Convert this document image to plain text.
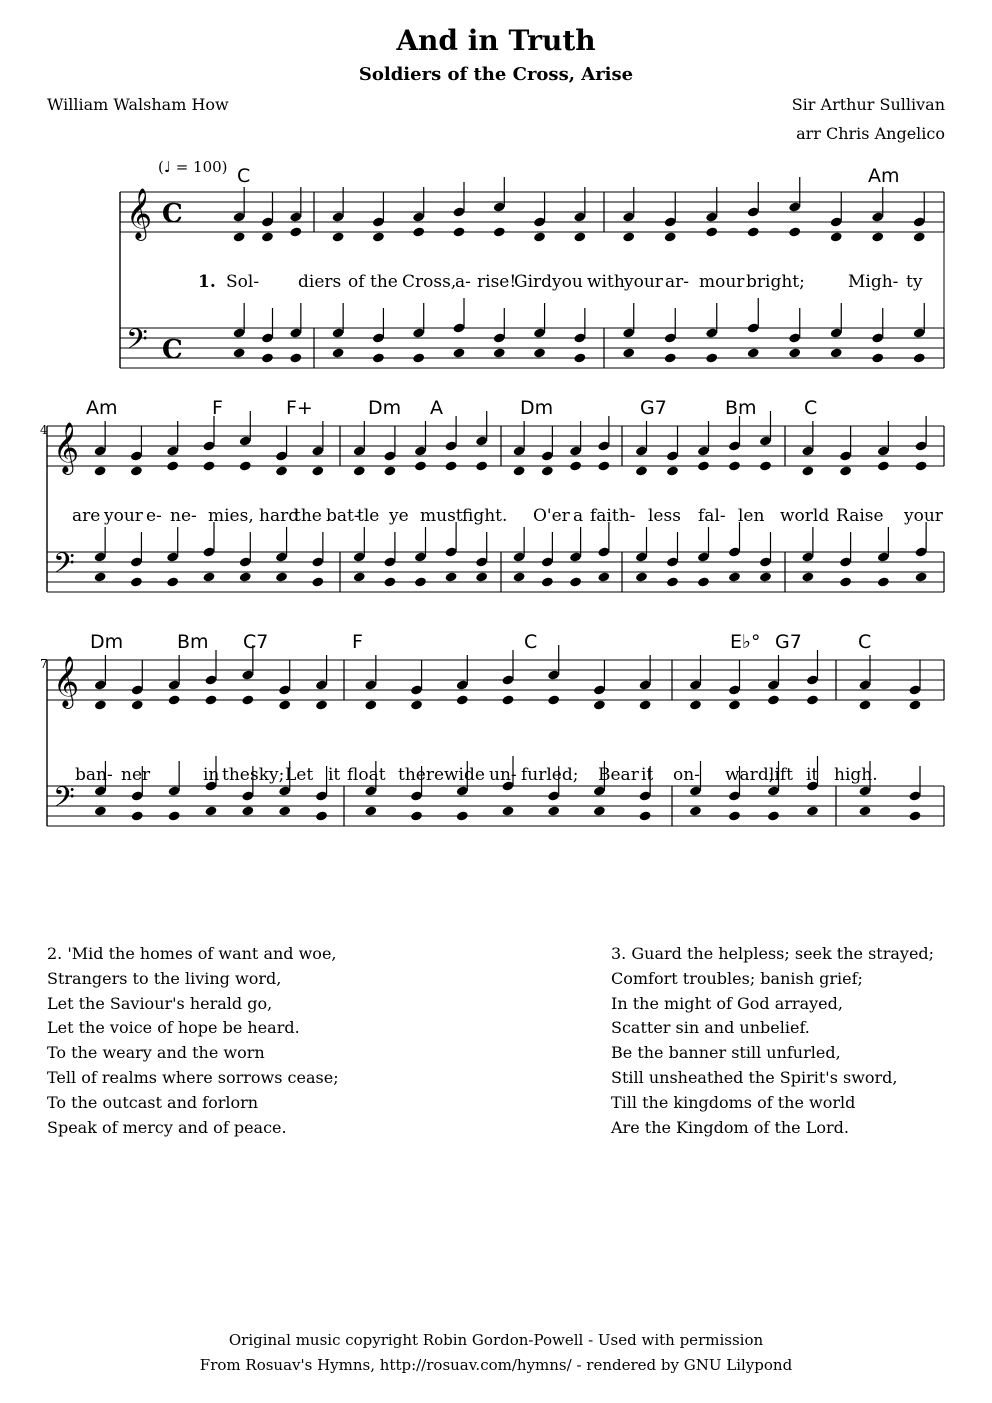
And in Truth
Soldiers of the Cross, Arise
William Walsham How	Sir Arthur Sullivan
arr Chris Angelico
(♩ = 100)
𝄞
𝄢
C
C
𝄞
𝄢
𝄞
𝄢
C	Am
Am	F	F+	Dm A	Dm	G7	Bm C
Dm	Bm C7	F	C	E♭° G7	C
4
7
1. Sol- diers of the Cross,
a- rise!
Gird you with your ar- mour bright;	Migh- ty
are your e- ne- mies, hard
the bat-
tle ye must fight. O'er a faith- less fal- len world Raise your
ban- ner	in the sky; Let it float there wide un- furled; Bear it on- ward;
lift it high.
2. 'Mid the homes of want and woe,
Strangers to the living word,
Let the Saviour's herald go,
Let the voice of hope be heard.
To the weary and the worn
Tell of realms where sorrows cease;
To the outcast and forlorn
Speak of mercy and of peace.
3. Guard the helpless; seek the strayed;
Comfort troubles; banish grief;
In the might of God arrayed,
Scatter sin and unbelief.
Be the banner still unfurled,
Still unsheathed the Spirit's sword,
Till the kingdoms of the world
Are the Kingdom of the Lord.
Original music copyright Robin Gordon-Powell - Used with permission
From Rosuav's Hymns, http://rosuav.com/hymns/ - rendered by GNU Lilypond
